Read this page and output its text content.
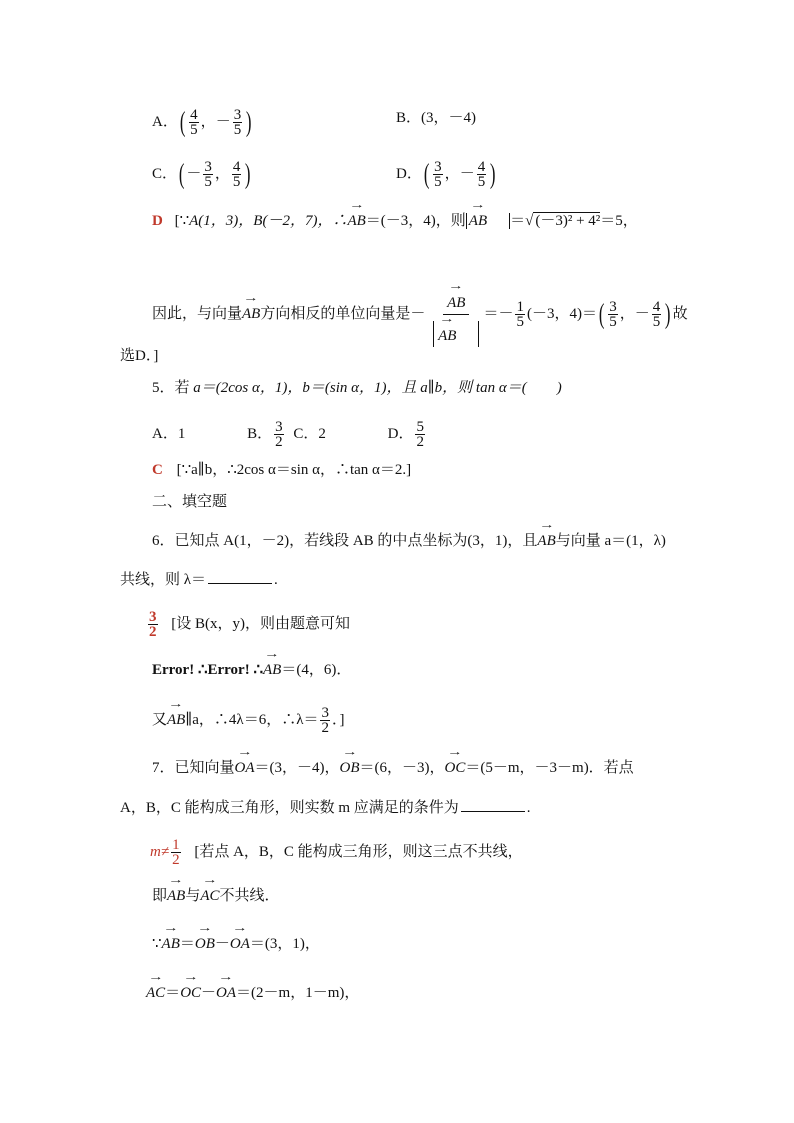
A．( $\frac{4}{5}$ ，－ $\frac{3}{5}$ )	B．(3，－4)
C．( － $\frac{3}{5}$ ， $\frac{4}{5}$ )	D．( $\frac{3}{5}$ ，－ $\frac{4}{5}$ )
D [∵A(1，3)，B(－2，7)，∴→ AB＝(－3，4)，则 → AB ＝√ (－3)² + 4²＝5，
因此，与向量→ AB方向相反的单位向量是－ → AB
→ AB ＝－ $\frac{1}{5} (-3$，$4)=( \frac{3}{5}$ ，－ $\frac{4}{5}$ ) 故
选D．]
5．若 a＝(2cos α，1)，b＝(sin α，1)，且 a∥b，则 tan α＝(　　)
A．1	B． $\frac{3}{2}$ C．2	D． $\frac{5}{2}$
C [∵a∥b，∴2cos α＝sin α，∴tan α＝2.]
二、填空题
6．已知点 A(1，－2)，若线段 AB 的中点坐标为(3，1)，且→ AB与向量 a＝(1，λ)
共线，则 λ＝	.
$\frac{3}{2}$ [设 B(x，y)，则由题意可知
Error! ∴Error! ∴→ AB＝(4，6)．
又→ AB∥a，∴4λ＝6，∴λ＝ $\frac{3}{2}$ ．]
7．已知向量→ OA＝(3，－4)，→ OB＝(6，－3)，→ OC＝(5－m，－3－m)．若点
A，B，C 能构成三角形，则实数 m 应满足的条件为	.
$m\ne \frac{1}{2}$ [若点 A，B，C 能构成三角形，则这三点不共线，
即→ AB与→ AC不共线．
∵→ AB＝→ OB－→ OA＝(3，1)，
→ AC＝→ OC－→ OA＝(2－m，1－m)，
